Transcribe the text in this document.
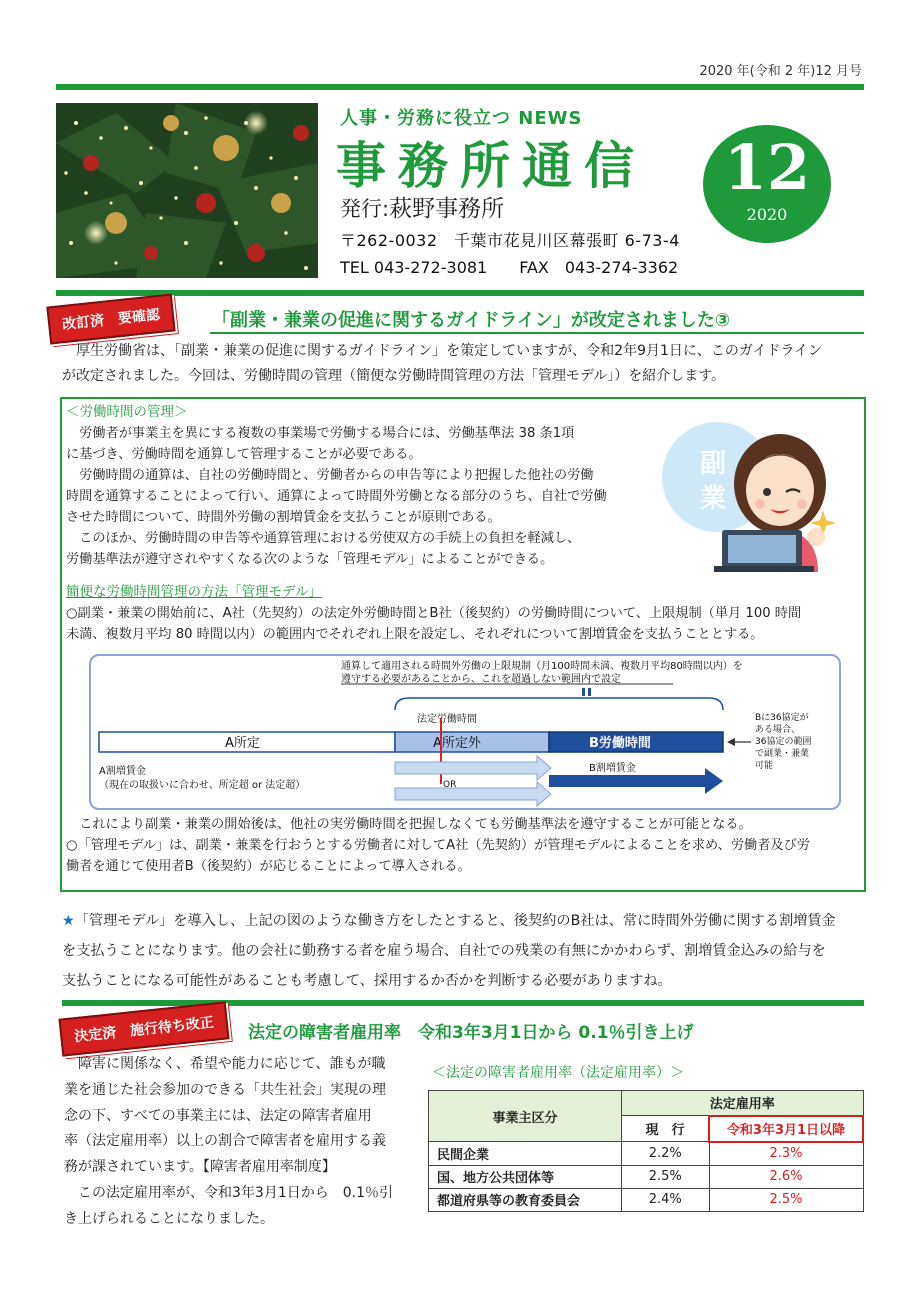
2020 年(令和 2 年)12 月号
人事・労務に役立つ NEWS
事務所通信
発行:萩野事務所
〒262-0032　千葉市花見川区幕張町 6-73-4
TEL 043-272-3081　　FAX　043-274-3362
12
2020
改訂済　要確認	「副業・兼業の促進に関するガイドライン」が改定されました③

　厚生労働省は、「副業・兼業の促進に関するガイドライン」を策定していますが、令和2年9月1日に、このガイドライン

が改定されました。今回は、労働時間の管理（簡便な労働時間管理の方法「管理モデル」）を紹介します。

＜労働時間の管理＞

　労働者が事業主を異にする複数の事業場で労働する場合には、労働基準法 38 条1項

に基づき、労働時間を通算して管理することが必要である。

　労働時間の通算は、自社の労働時間と、労働者からの申告等により把握した他社の労働

時間を通算することによって行い、通算によって時間外労働となる部分のうち、自社で労働

させた時間について、時間外労働の割増賃金を支払うことが原則である。

　このほか、労働時間の申告等や通算管理における労使双方の手続上の負担を軽減し、

労働基準法が遵守されやすくなる次のような「管理モデル」によることができる。

副
業

簡便な労働時間管理の方法「管理モデル」

○副業・兼業の開始前に、A社（先契約）の法定外労働時間とB社（後契約）の労働時間について、上限規制（単月 100 時間

未満、複数月平均 80 時間以内）の範囲内でそれぞれ上限を設定し、それぞれについて割増賃金を支払うこととする。

通算して適用される時間外労働の上限規制（月100時間未満、複数月平均80時間以内）を
遵守する必要があることから、これを超過しない範囲内で設定
法定労働時間
A所定	A所定外	B労働時間
Bに36協定が
ある場合、
36協定の範囲
で副業・兼業
可能
A割増賃金
（現在の取扱いに合わせ、所定超 or 法定超）	OR
B割増賃金

　これにより副業・兼業の開始後は、他社の実労働時間を把握しなくても労働基準法を遵守することが可能となる。

○「管理モデル」は、副業・兼業を行おうとする労働者に対してA社（先契約）が管理モデルによることを求め、労働者及び労

働者を通じて使用者B（後契約）が応じることによって導入される。

★「管理モデル」を導入し、上記の図のような働き方をしたとすると、後契約のB社は、常に時間外労働に関する割増賃金
を支払うことになります。他の会社に勤務する者を雇う場合、自社での残業の有無にかかわらず、割増賃金込みの給与を
支払うことになる可能性があることも考慮して、採用するか否かを判断する必要がありますね。
決定済　施行待ち改正	法定の障害者雇用率　令和3年3月1日から 0.1％引き上げ

　障害に関係なく、希望や能力に応じて、誰もが職

業を通じた社会参加のできる「共生社会」実現の理

念の下、すべての事業主には、法定の障害者雇用

率（法定雇用率）以上の割合で障害者を雇用する義

務が課されています。【障害者雇用率制度】

　この法定雇用率が、令和3年3月1日から　0.1％引

き上げられることになりました。

＜法定の障害者雇用率（法定雇用率）＞
事業主区分	法定雇用率	
	現　行	令和3年3月1日以降
民間企業	2.2%	2.3%
国、地方公共団体等	2.5%	2.6%
都道府県等の教育委員会	2.4%	2.5%
